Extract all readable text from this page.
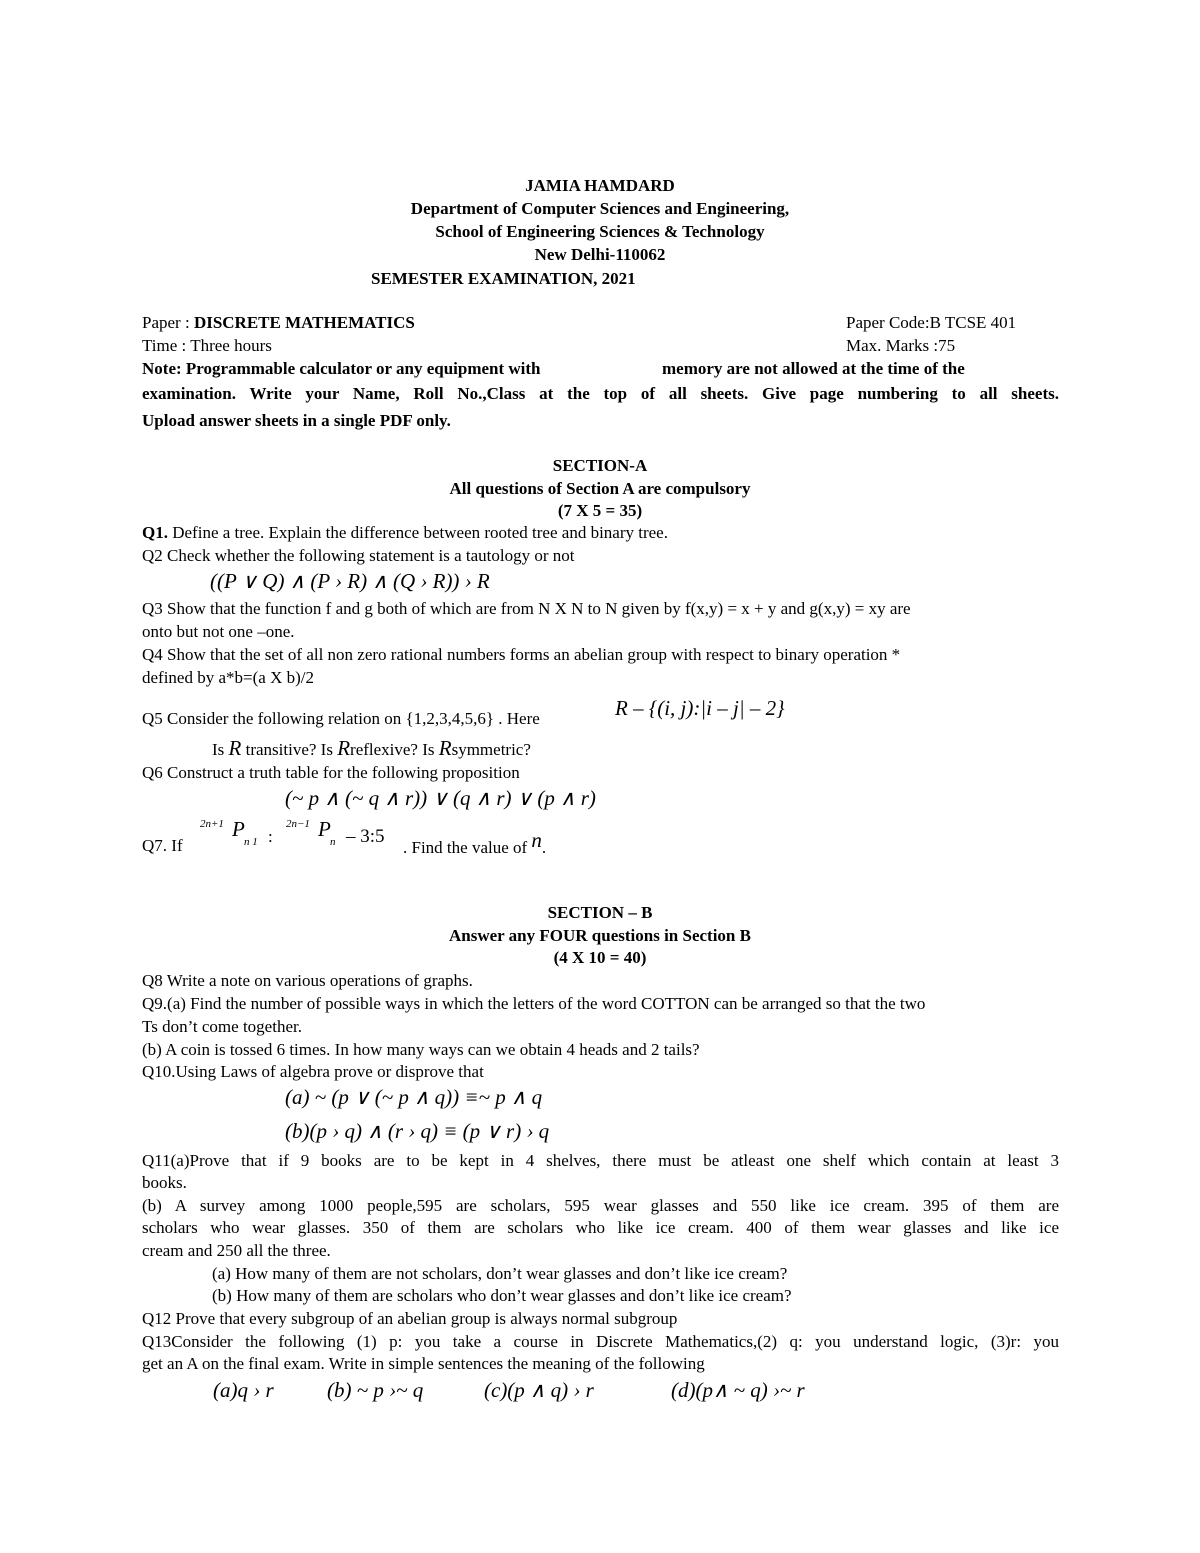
JAMIA HAMDARD
Department of Computer Sciences and Engineering,
School of Engineering Sciences & Technology
New Delhi-110062
SEMESTER EXAMINATION, 2021
Paper : DISCRETE MATHEMATICS	Paper Code:B TCSE 401
Time : Three hours	Max. Marks :75
Note: Programmable calculator or any equipment with	memory are not allowed at the time of the
examination. Write your Name, Roll No.,Class at the top of all sheets. Give page numbering to all sheets.
Upload answer sheets in a single PDF only.
SECTION-A
All questions of Section A are compulsory
(7 X 5 = 35)
Q1. Define a tree. Explain the difference between rooted tree and binary tree.
Q2 Check whether the following statement is a tautology or not
((P ∨ Q) ∧ (P › R) ∧ (Q › R)) › R
Q3 Show that the function f and g both of which are from N X N to N given by f(x,y) = x + y and g(x,y) = xy are
onto but not one –one.
Q4 Show that the set of all non zero rational numbers forms an abelian group with respect to binary operation *
defined by a*b=(a X b)/2
Q5 Consider the following relation on {1,2,3,4,5,6} . Here	R – {(i, j):|i – j| – 2}
Is R transitive? Is Rreflexive? Is Rsymmetric?
Q6 Construct a truth table for the following proposition
(~ p ∧ (~ q ∧ r)) ∨ (q ∧ r) ∨ (p ∧ r)
Q7. If
2n+1 P
n 1 :
2n−1 P
n – 3:5
. Find the value of n.
SECTION – B
Answer any FOUR questions in Section B
(4 X 10 = 40)
Q8 Write a note on various operations of graphs.
Q9.(a) Find the number of possible ways in which the letters of the word COTTON can be arranged so that the two
Ts don’t come together.
(b) A coin is tossed 6 times. In how many ways can we obtain 4 heads and 2 tails?
Q10.Using Laws of algebra prove or disprove that
(a) ~ (p ∨ (~ p ∧ q)) ≡~ p ∧ q
(b)(p › q) ∧ (r › q) ≡ (p ∨ r) › q
Q11(a)Prove that if 9 books are to be kept in 4 shelves, there must be atleast one shelf which contain at least 3
books.
(b) A survey among 1000 people,595 are scholars, 595 wear glasses and 550 like ice cream. 395 of them are
scholars who wear glasses. 350 of them are scholars who like ice cream. 400 of them wear glasses and like ice
cream and 250 all the three.
(a) How many of them are not scholars, don’t wear glasses and don’t like ice cream?
(b) How many of them are scholars who don’t wear glasses and don’t like ice cream?
Q12 Prove that every subgroup of an abelian group is always normal subgroup
Q13Consider the following (1) p: you take a course in Discrete Mathematics,(2) q: you understand logic, (3)r: you
get an A on the final exam. Write in simple sentences the meaning of the following
(a)q › r	(b) ~ p ›~ q	(c)(p ∧ q) › r	(d)(p∧ ~ q) ›~ r
